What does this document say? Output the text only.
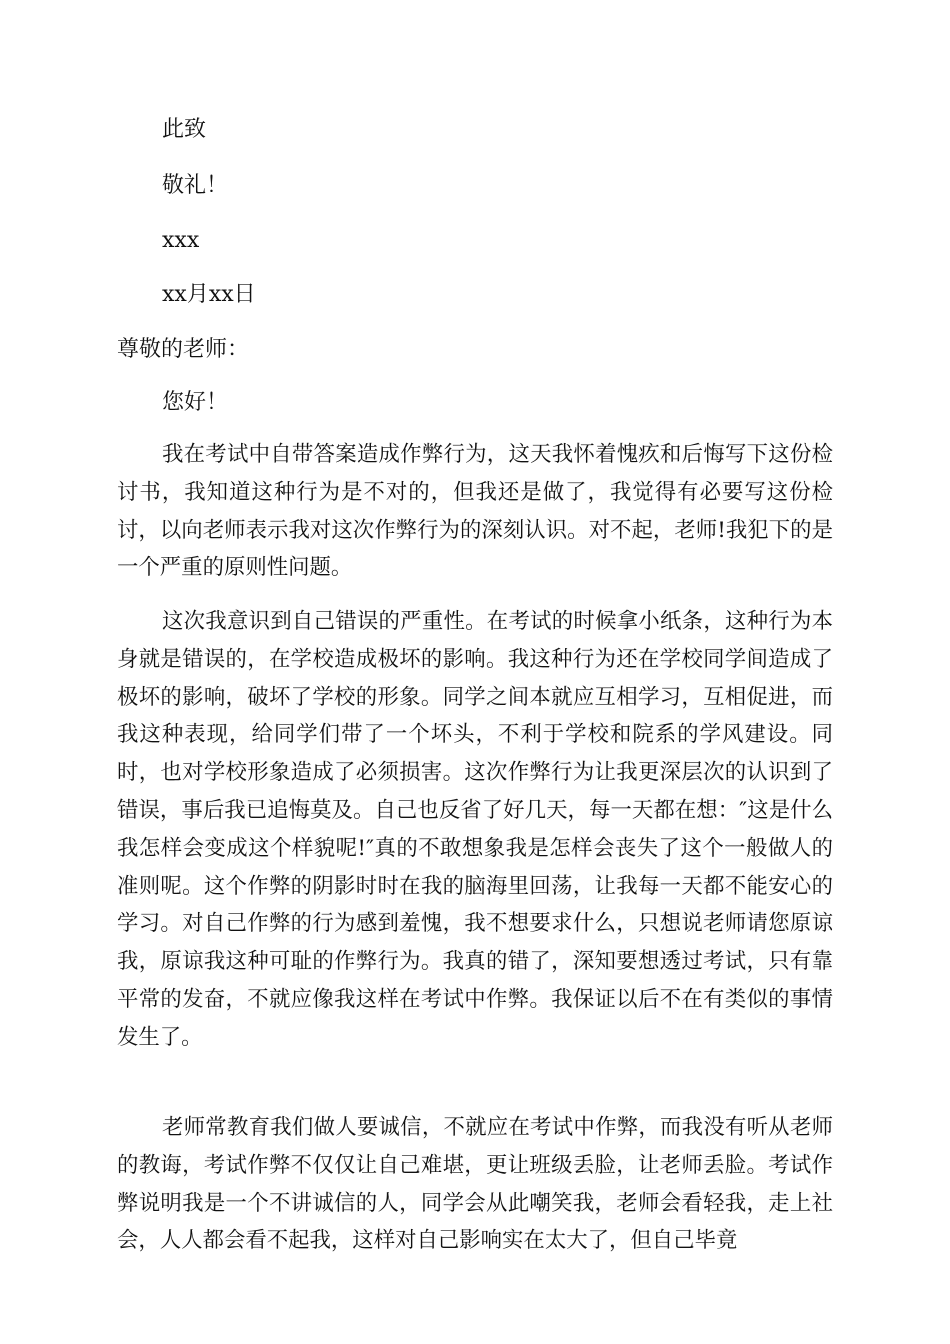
此致
敬礼！
xxx
xx月xx日
尊敬的老师：
您好！

我在考试中自带答案造成作弊行为，这天我怀着愧疚和后悔写下这份检讨书，我知道这种行为是不对的，但我还是做了，我觉得有必要写这份检讨，以向老师表示我对这次作弊行为的深刻认识。对不起，老师!我犯下的是一个严重的原则性问题。

这次我意识到自己错误的严重性。在考试的时候拿小纸条，这种行为本身就是错误的，在学校造成极坏的影响。我这种行为还在学校同学间造成了极坏的影响，破坏了学校的形象。同学之间本就应互相学习，互相促进，而我这种表现，给同学们带了一个坏头，不利于学校和院系的学风建设。同时，也对学校形象造成了必须损害。这次作弊行为让我更深层次的认识到了错误，事后我已追悔莫及。自己也反省了好几天，每一天都在想：″这是什么我怎样会变成这个样貌呢!″真的不敢想象我是怎样会丧失了这个一般做人的准则呢。这个作弊的阴影时时在我的脑海里回荡，让我每一天都不能安心的学习。对自己作弊的行为感到羞愧，我不想要求什么，只想说老师请您原谅我，原谅我这种可耻的作弊行为。我真的错了，深知要想透过考试，只有靠平常的发奋，不就应像我这样在考试中作弊。我保证以后不在有类似的事情发生了。

老师常教育我们做人要诚信，不就应在考试中作弊，而我没有听从老师的教诲，考试作弊不仅仅让自己难堪，更让班级丢脸，让老师丢脸。考试作弊说明我是一个不讲诚信的人，同学会从此嘲笑我，老师会看轻我，走上社会，人人都会看不起我，这样对自己影响实在太大了，但自己毕竟
